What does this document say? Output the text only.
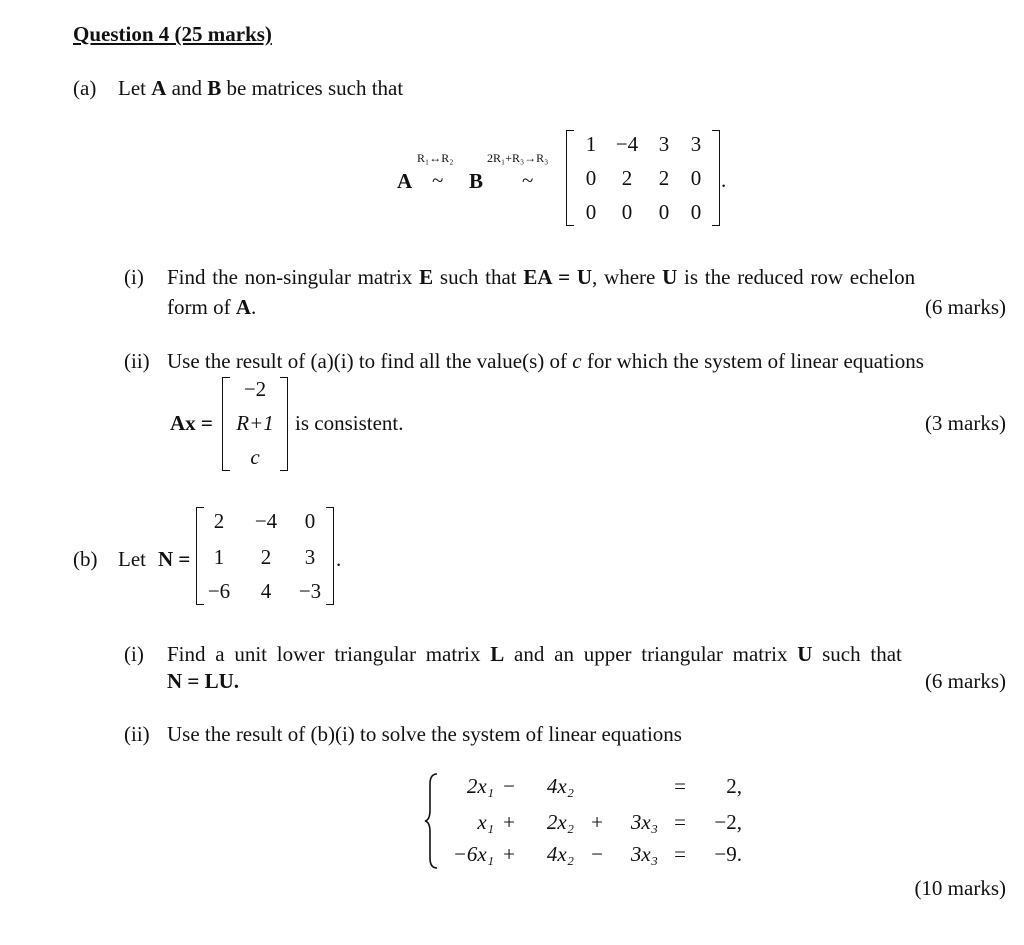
Question 4 (25 marks)
(a) Let A and B be matrices such that
A
R₁↔R₂
~ B
2R₁+R₃→R₃
~
1 −4 3	3
0	2	2	0
0	0	0	0
.
(i) Find the non-singular matrix E such that EA = U, where U is the reduced row echelon
form of A.	(6 marks)
(ii) Use the result of (a)(i) to find all the value(s) of c for which the system of linear equations
Ax =
−2
R+1
c
is consistent.	(3 marks)
(b) Let N =
2	−4	0
1	2	3
−6	4	−3
.
(i) Find a unit lower triangular matrix L and an upper triangular matrix U such that
N = LU.	(6 marks)
(ii) Use the result of (b)(i) to solve the system of linear equations
2x₁ −	4x₂	=	2,
x₁ +	2x₂ +	3x₃ =	−2,
−6x₁ +	4x₂ −	3x₃ =	−9.
(10 marks)
